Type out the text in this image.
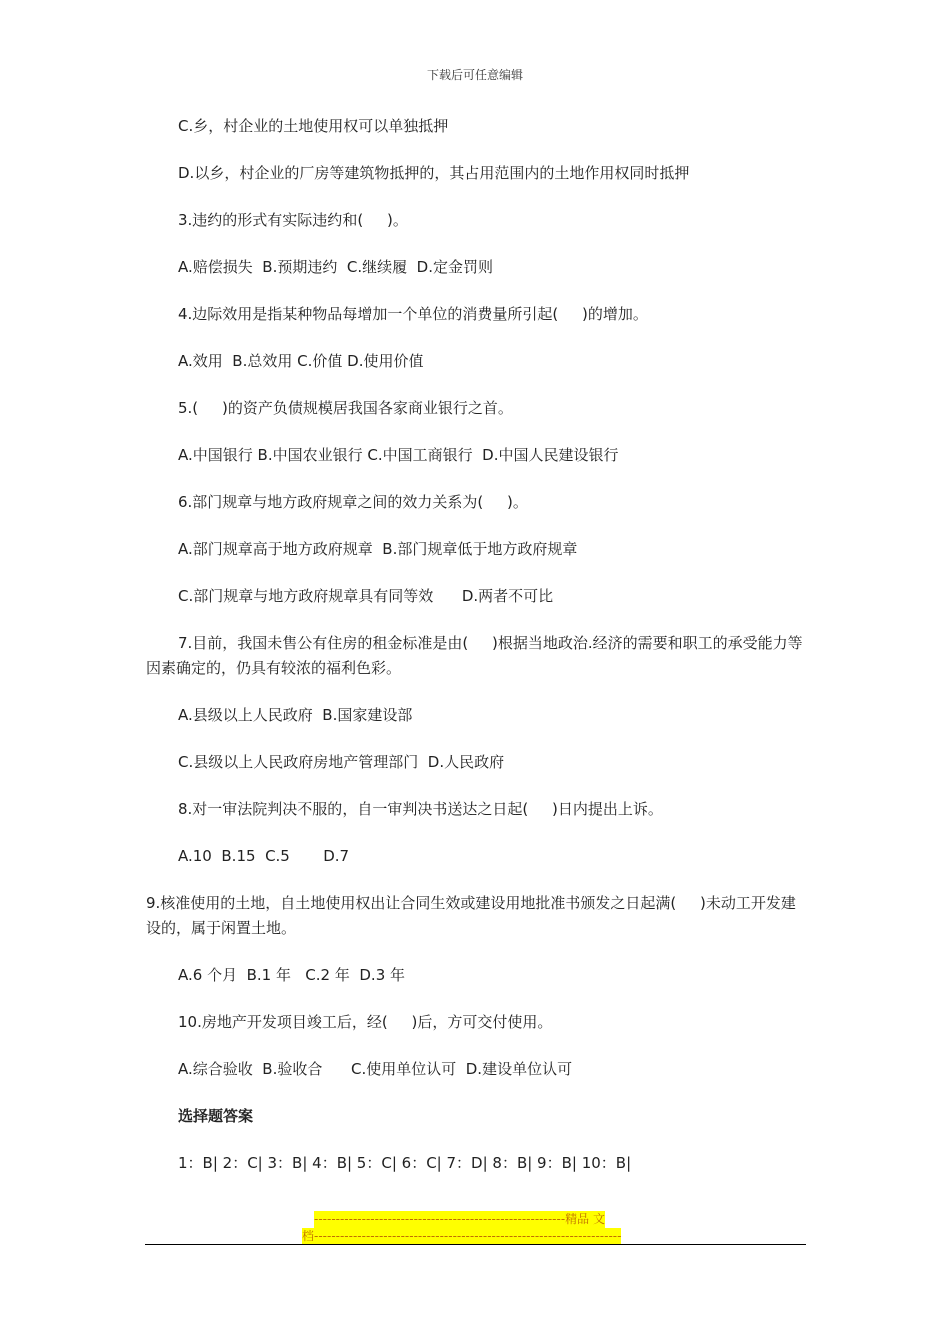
下载后可任意编辑

C.乡，村企业的土地使用权可以单独抵押

D.以乡，村企业的厂房等建筑物抵押的，其占用范围内的土地作用权同时抵押

3.违约的形式有实际违约和(     )。

A.赔偿损失  B.预期违约  C.继续履  D.定金罚则

4.边际效用是指某种物品每增加一个单位的消费量所引起(     )的增加。

A.效用  B.总效用 C.价值 D.使用价值

5.(     )的资产负债规模居我国各家商业银行之首。

A.中国银行 B.中国农业银行 C.中国工商银行  D.中国人民建设银行

6.部门规章与地方政府规章之间的效力关系为(     )。

A.部门规章高于地方政府规章  B.部门规章低于地方政府规章

C.部门规章与地方政府规章具有同等效      D.两者不可比

7.目前，我国未售公有住房的租金标准是由(     )根据当地政治.经济的需要和职工的承受能力等因素确定的，仍具有较浓的福利色彩。

A.县级以上人民政府  B.国家建设部

C.县级以上人民政府房地产管理部门  D.人民政府

8.对一审法院判决不服的，自一审判决书送达之日起(     )日内提出上诉。

A.10  B.15  C.5       D.7

9.核准使用的土地，自土地使用权出让合同生效或建设用地批准书颁发之日起满(     )未动工开发建设的，属于闲置土地。

A.6 个月  B.1 年   C.2 年  D.3 年

10.房地产开发项目竣工后，经(     )后，方可交付使用。

A.综合验收  B.验收合      C.使用单位认可  D.建设单位认可

选择题答案

1：B| 2：C| 3：B| 4：B| 5：C| 6：C| 7：D| 8：B| 9：B| 10：B|

----------------------------------------------------------精品 文
档-----------------------------------------------------------------------
